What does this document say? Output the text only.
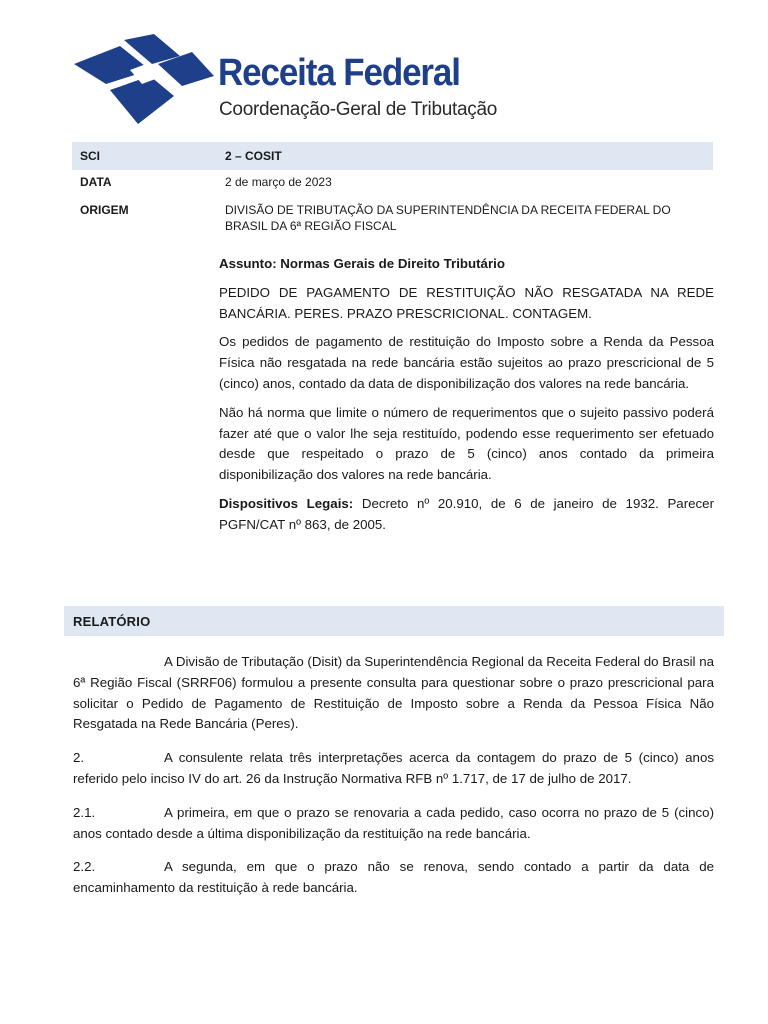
Receita Federal
Coordenação-Geral de Tributação
SCI	2 – COSIT
DATA	2 de março de 2023
ORIGEM	DIVISÃO DE TRIBUTAÇÃO DA SUPERINTENDÊNCIA DA RECEITA FEDERAL DO BRASIL DA 6ª REGIÃO FISCAL

Assunto: Normas Gerais de Direito Tributário

PEDIDO DE PAGAMENTO DE RESTITUIÇÃO NÃO RESGATADA NA REDE BANCÁRIA. PERES. PRAZO PRESCRICIONAL. CONTAGEM.

Os pedidos de pagamento de restituição do Imposto sobre a Renda da Pessoa Física não resgatada na rede bancária estão sujeitos ao prazo prescricional de 5 (cinco) anos, contado da data de disponibilização dos valores na rede bancária.

Não há norma que limite o número de requerimentos que o sujeito passivo poderá fazer até que o valor lhe seja restituído, podendo esse requerimento ser efetuado desde que respeitado o prazo de 5 (cinco) anos contado da primeira disponibilização dos valores na rede bancária.

Dispositivos Legais: Decreto nº 20.910, de 6 de janeiro de 1932. Parecer PGFN/CAT nº 863, de 2005.

RELATÓRIO

A Divisão de Tributação (Disit) da Superintendência Regional da Receita Federal do Brasil na 6ª Região Fiscal (SRRF06) formulou a presente consulta para questionar sobre o prazo prescricional para solicitar o Pedido de Pagamento de Restituição de Imposto sobre a Renda da Pessoa Física Não Resgatada na Rede Bancária (Peres).

2.	A consulente relata três interpretações acerca da contagem do prazo de 5 (cinco) anos referido pelo inciso IV do art. 26 da Instrução Normativa RFB nº 1.717, de 17 de julho de 2017.

2.1.	A primeira, em que o prazo se renovaria a cada pedido, caso ocorra no prazo de 5 (cinco) anos contado desde a última disponibilização da restituição na rede bancária.

2.2.	A segunda, em que o prazo não se renova, sendo contado a partir da data de encaminhamento da restituição à rede bancária.
